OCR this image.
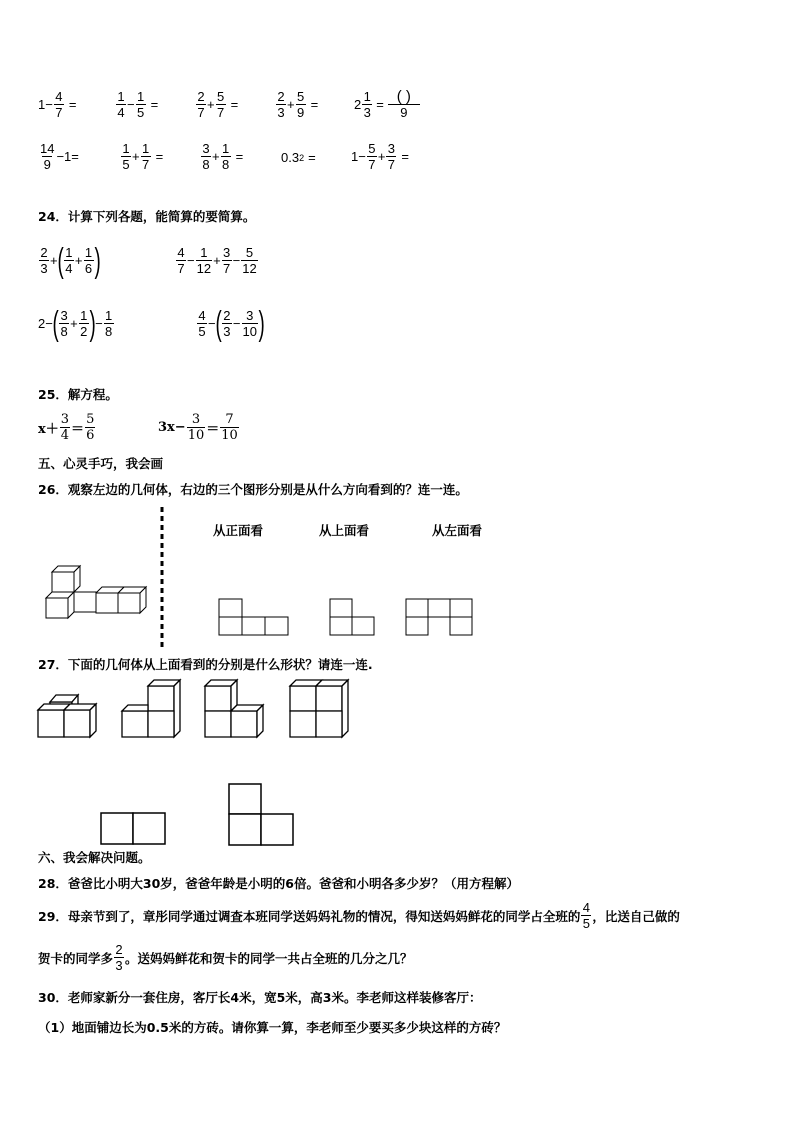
$1- \frac{4}{7}$ =	$\frac{1}{4} - \frac{1}{5}$ =	$\frac{2}{7} + \frac{5}{7}$ =	$\frac{2}{3} + \frac{5}{9}$ =	$2 \frac{1}{3} = \frac{( )}{9}$
$\frac{14}{9} -1=$	$\frac{1}{5} + \frac{1}{7}$ =	$\frac{3}{8} + \frac{1}{8}$ =	0.3 2 =	$1- \frac{5}{7} + \frac{3}{7}$ =
24．计算下列各题，能简算的要简算。
$\frac{2}{3}$ + ( $\frac{1}{4} + \frac{1}{6}$ )	$\frac{4}{7} - \frac{1}{12} + \frac{3}{7} - \frac{5}{12}$
2− ( $\frac{3}{8} + \frac{1}{2}$ ) − $\frac{1}{8}$	$\frac{4}{5}$ − ( $\frac{2}{3} - \frac{3}{10}$ )
25．解方程。
$x+ \frac{3}{4} = \frac{5}{6}$	$3x- \frac{3}{10} = \frac{7}{10}$
五、心灵手巧，我会画
26．观察左边的几何体，右边的三个图形分别是从什么方向看到的？连一连。
从正面看	从上面看	从左面看
27．下面的几何体从上面看到的分别是什么形状？请连一连.
六、我会解决问题。
28．爸爸比小明大30岁，爸爸年龄是小明的6倍。爸爸和小明各多少岁？（用方程解）
29．母亲节到了，章彤同学通过调查本班同学送妈妈礼物的情况，得知送妈妈鲜花的同学占全班的 $\frac{4}{5}$ ，比送自己做的
贺卡的同学多 $\frac{2}{3}$ 。送妈妈鲜花和贺卡的同学一共占全班的几分之几？
30．老师家新分一套住房，客厅长4米，宽5米，高3米。李老师这样装修客厅：
（1）地面铺边长为0.5米的方砖。请你算一算，李老师至少要买多少块这样的方砖？
